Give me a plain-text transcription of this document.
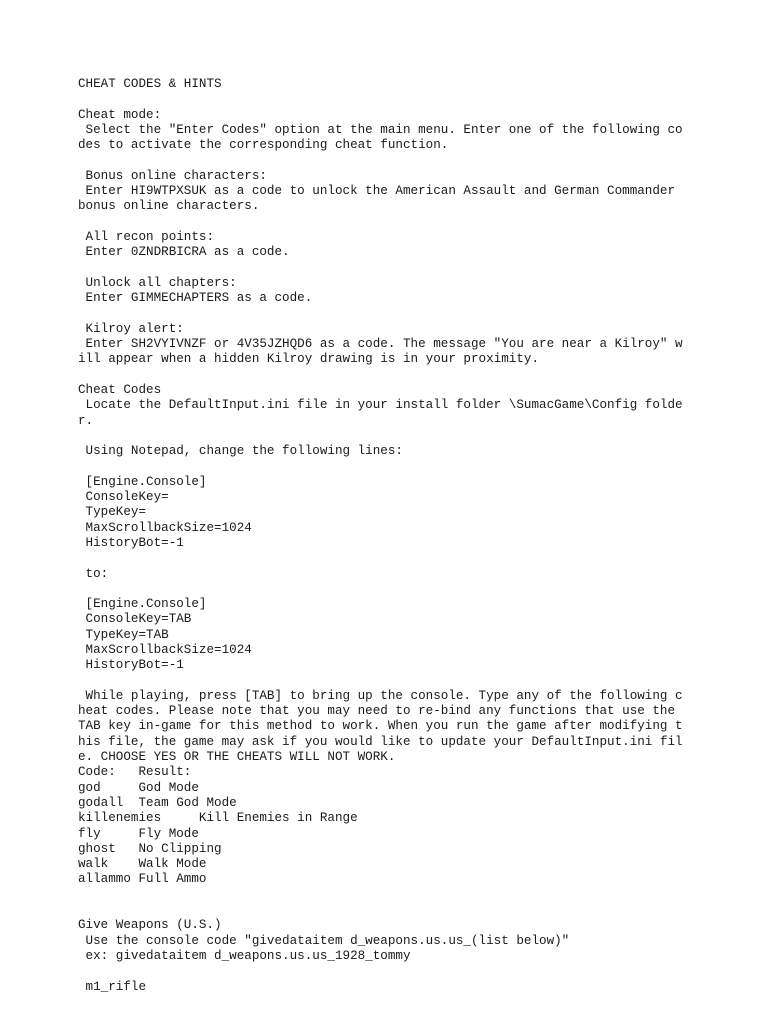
CHEAT CODES & HINTS

Cheat mode:
Select the "Enter Codes" option at the main menu. Enter one of the following co
des to activate the corresponding cheat function.

Bonus online characters:
Enter HI9WTPXSUK as a code to unlock the American Assault and German Commander
bonus online characters.

All recon points:
Enter 0ZNDRBICRA as a code.

Unlock all chapters:
Enter GIMMECHAPTERS as a code.

Kilroy alert:
Enter SH2VYIVNZF or 4V35JZHQD6 as a code. The message "You are near a Kilroy" w
ill appear when a hidden Kilroy drawing is in your proximity.

Cheat Codes
Locate the DefaultInput.ini file in your install folder \SumacGame\Config folde
r.

Using Notepad, change the following lines:

[Engine.Console]
ConsoleKey=
TypeKey=
MaxScrollbackSize=1024
HistoryBot=-1

to:

[Engine.Console]
ConsoleKey=TAB
TypeKey=TAB
MaxScrollbackSize=1024
HistoryBot=-1

While playing, press [TAB] to bring up the console. Type any of the following c
heat codes. Please note that you may need to re-bind any functions that use the
TAB key in-game for this method to work. When you run the game after modifying t
his file, the game may ask if you would like to update your DefaultInput.ini fil
e. CHOOSE YES OR THE CHEATS WILL NOT WORK.
Code:   Result:
god     God Mode
godall  Team God Mode
killenemies     Kill Enemies in Range
fly     Fly Mode
ghost   No Clipping
walk    Walk Mode
allammo Full Ammo

Give Weapons (U.S.)
Use the console code "givedataitem d_weapons.us.us_(list below)"
ex: givedataitem d_weapons.us.us_1928_tommy

m1_rifle
